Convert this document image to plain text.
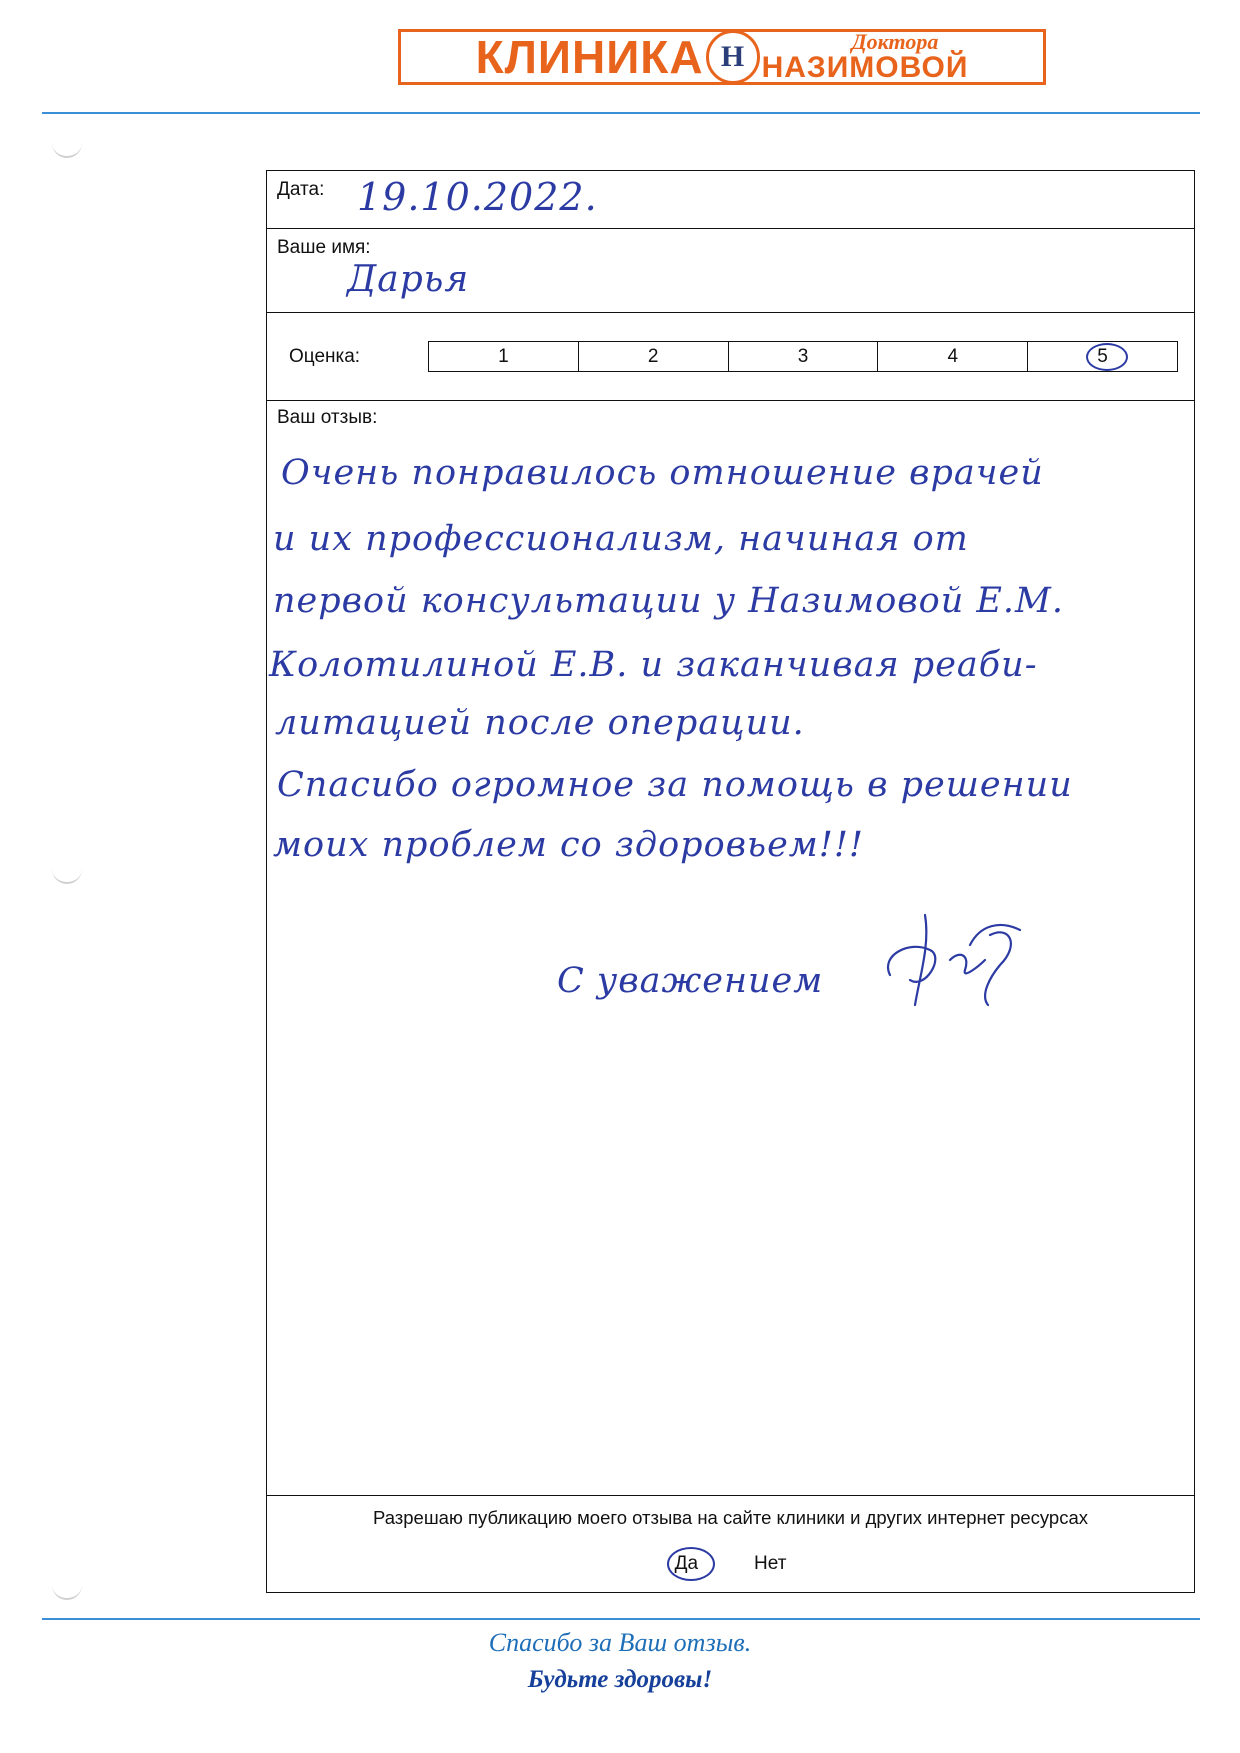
КЛИНИКА Н	Доктора
НАЗИМОВОЙ
Дата: 19.10.2022.
Ваше имя:
Дарья
Оценка:	1	2	3	4	5
Ваш отзыв:
Очень понравилось отношение врачей
и их профессионализм, начиная от
первой консультации у Назимовой Е.М.
Колотилиной Е.В. и заканчивая реаби-
литацией после операции.
Спасибо огромное за помощь в решении
моих проблем со здоровьем!!!
С уважением
Разрешаю публикацию моего отзыва на сайте клиники и других интернет ресурсах
Да	Нет
Спасибо за Ваш отзыв.
Будьте здоровы!
